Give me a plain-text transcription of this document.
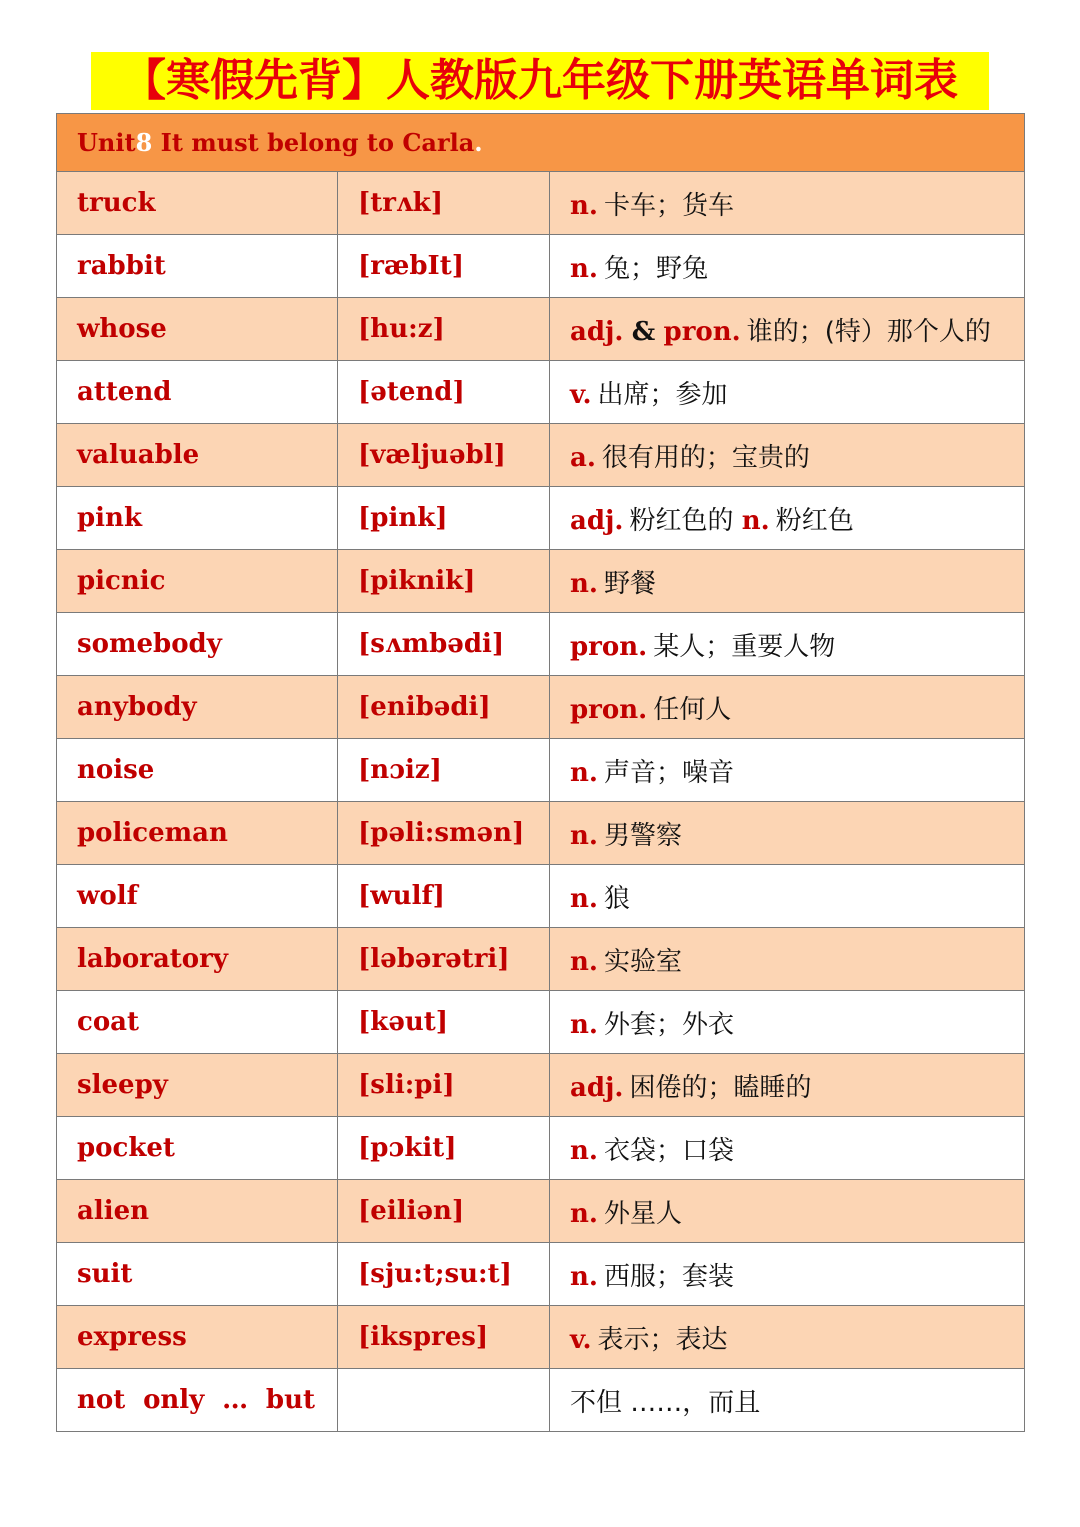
【寒假先背】人教版九年级下册英语单词表
Unit8 It must belong to Carla.		
truck	[trʌk]	n. 卡车；货车
rabbit	[ræbIt]	n. 兔；野兔
whose	[hu:z]	adj. & pron. 谁的；(特）那个人的
attend	[ətend]	v. 出席；参加
valuable	[væljuəbl]	a. 很有用的；宝贵的
pink	[pink]	adj. 粉红色的 n. 粉红色
picnic	[piknik]	n. 野餐
somebody	[sʌmbədi]	pron. 某人；重要人物
anybody	[enibədi]	pron. 任何人
noise	[nɔiz]	n. 声音；噪音
policeman	[pəli:smən]	n. 男警察
wolf	[wulf]	n. 狼
laboratory	[ləbərətri]	n. 实验室
coat	[kəut]	n. 外套；外衣
sleepy	[sli:pi]	adj. 困倦的；瞌睡的
pocket	[pɔkit]	n. 衣袋；口袋
alien	[eiliən]	n. 外星人
suit	[sju:t;su:t]	n. 西服；套装
express	[ikspres]	v. 表示；表达

not only … but		不但 ……，而且
